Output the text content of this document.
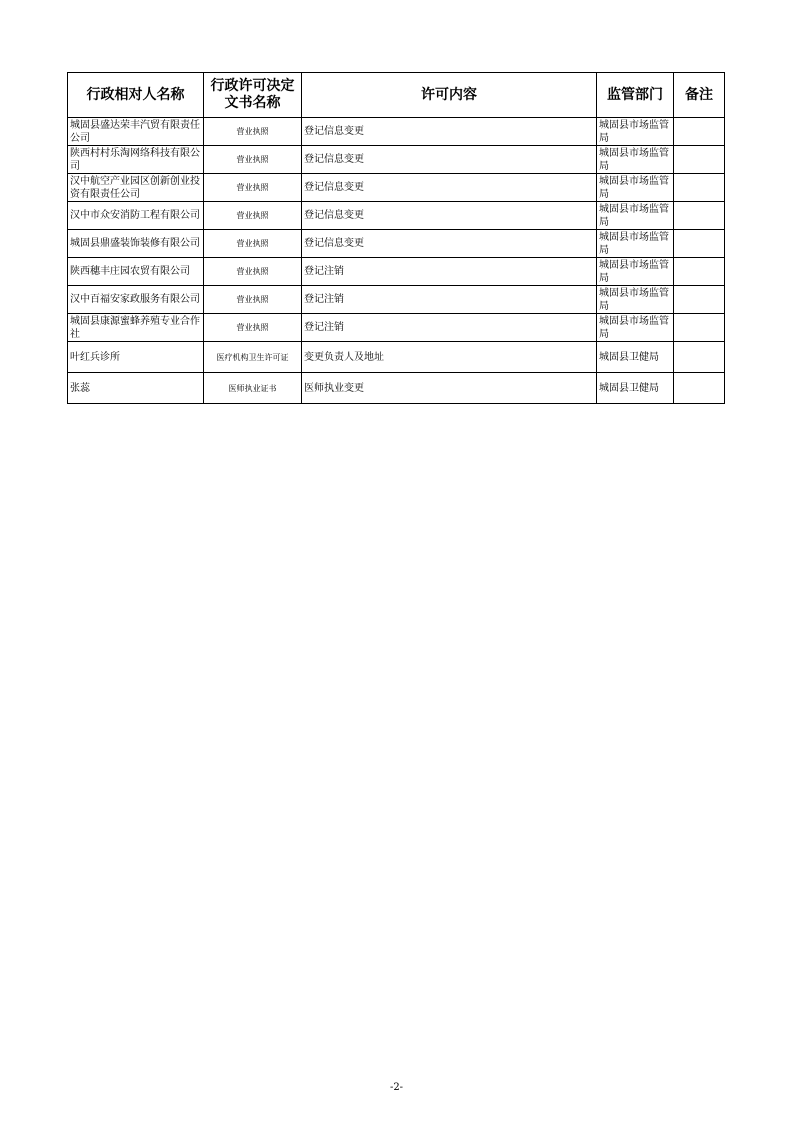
行政相对人名称	行政许可决定文书名称	许可内容	监管部门	备注
城固县盛达荣丰汽贸有限责任公司	营业执照	登记信息变更	城固县市场监管局	
陕西村村乐淘网络科技有限公司	营业执照	登记信息变更	城固县市场监管局	
汉中航空产业园区创新创业投资有限责任公司	营业执照	登记信息变更	城固县市场监管局	
汉中市众安消防工程有限公司	营业执照	登记信息变更	城固县市场监管局	
城固县鼎盛装饰装修有限公司	营业执照	登记信息变更	城固县市场监管局	
陕西穗丰庄园农贸有限公司	营业执照	登记注销	城固县市场监管局	
汉中百福安家政服务有限公司	营业执照	登记注销	城固县市场监管局	
城固县康源蜜蜂养殖专业合作社	营业执照	登记注销	城固县市场监管局	
叶红兵诊所	医疗机构卫生许可证	变更负责人及地址	城固县卫健局	
张蕊	医师执业证书	医师执业变更	城固县卫健局	
-2-
